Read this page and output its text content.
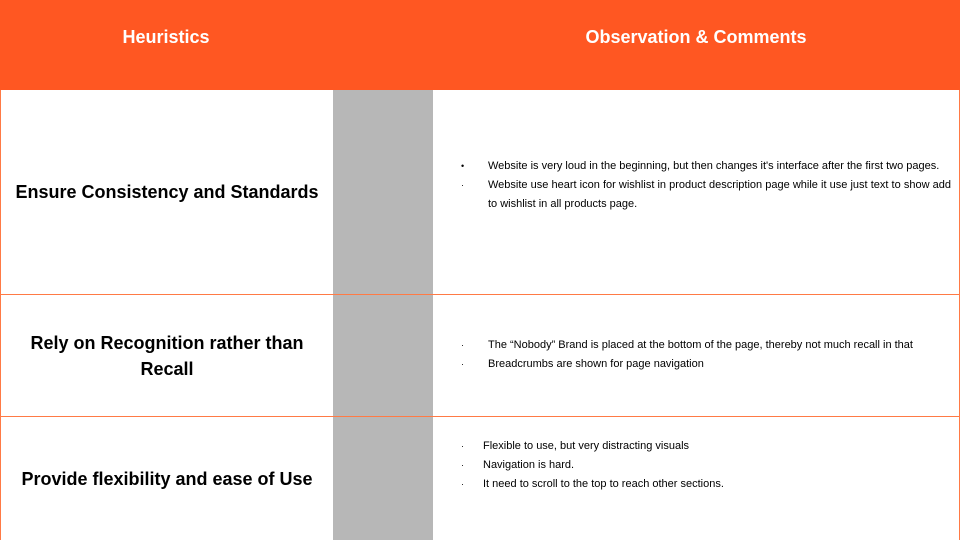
Heuristics	Observation & Comments
Ensure Consistency and Standards
•	Website is very loud in the beginning, but then changes it's interface after the first two pages.
·	Website use heart icon for wishlist in product description page while it use just text to show add to wishlist in all products page.
Rely on Recognition rather than Recall
·	The “Nobody” Brand is placed at the bottom of the page, thereby not much recall in that
·	Breadcrumbs are shown for page navigation
Provide flexibility and ease of Use
·	Flexible to use, but very distracting visuals
·	Navigation is hard.
·	It need to scroll to the top to reach other sections.
